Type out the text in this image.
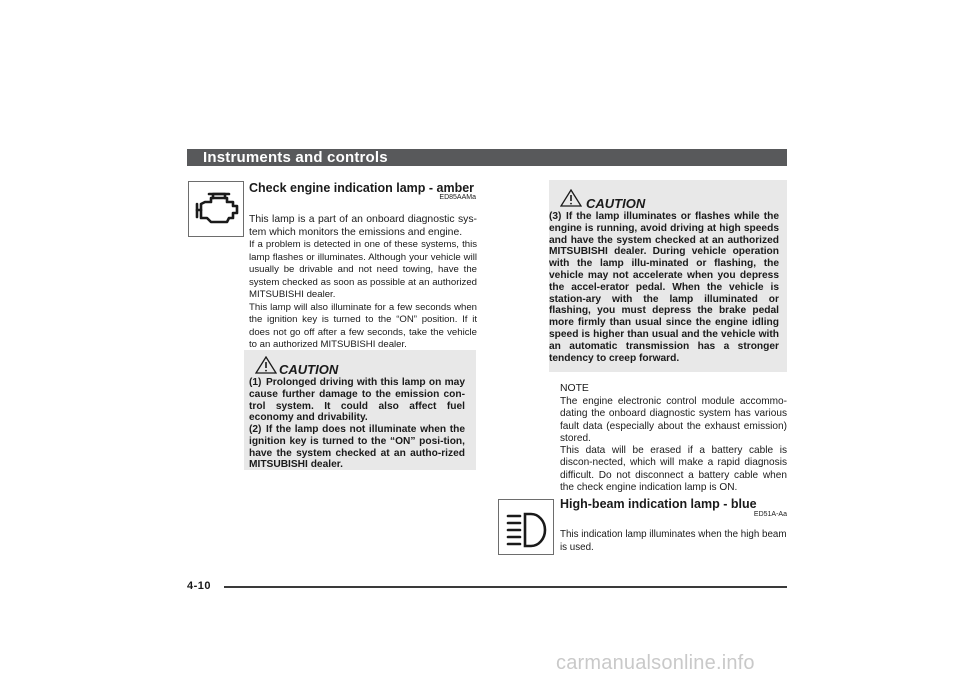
Instruments and controls
Check engine indication lamp - amber
ED85AAMa

This lamp is a part of an onboard diagnostic sys-tem which monitors the emissions and engine.

If a problem is detected in one of these systems, this lamp flashes or illuminates. Although your vehicle will usually be drivable and not need towing, have the system checked as soon as possible at an authorized MITSUBISHI dealer.

This lamp will also illuminate for a few seconds when the ignition key is turned to the “ON” position. If it does not go off after a few seconds, take the vehicle to an authorized MITSUBISHI dealer.

CAUTION
(1) Prolonged driving with this lamp on may cause further damage to the emission con-trol system. It could also affect fuel economy and drivability.
(2) If the lamp does not illuminate when the ignition key is turned to the “ON” posi-tion, have the system checked at an autho-rized MITSUBISHI dealer.
CAUTION
(3) If the lamp illuminates or flashes while the engine is running, avoid driving at high speeds and have the system checked at an authorized MITSUBISHI dealer. During vehicle operation with the lamp illu-minated or flashing, the vehicle may not accelerate when you depress the accel-erator pedal. When the vehicle is station-ary with the lamp illuminated or flashing, you must depress the brake pedal more firmly than usual since the engine idling speed is higher than usual and the vehicle with an automatic transmission has a stronger tendency to creep forward.
NOTE

The engine electronic control module accommo-dating the onboard diagnostic system has various fault data (especially about the exhaust emission) stored.

This data will be erased if a battery cable is discon-nected, which will make a rapid diagnosis difficult. Do not disconnect a battery cable when the check engine indication lamp is ON.

High-beam indication lamp - blue
ED51A-Aa
This indication lamp illuminates when the high beam is used.
4-10
carmanualsonline.info
